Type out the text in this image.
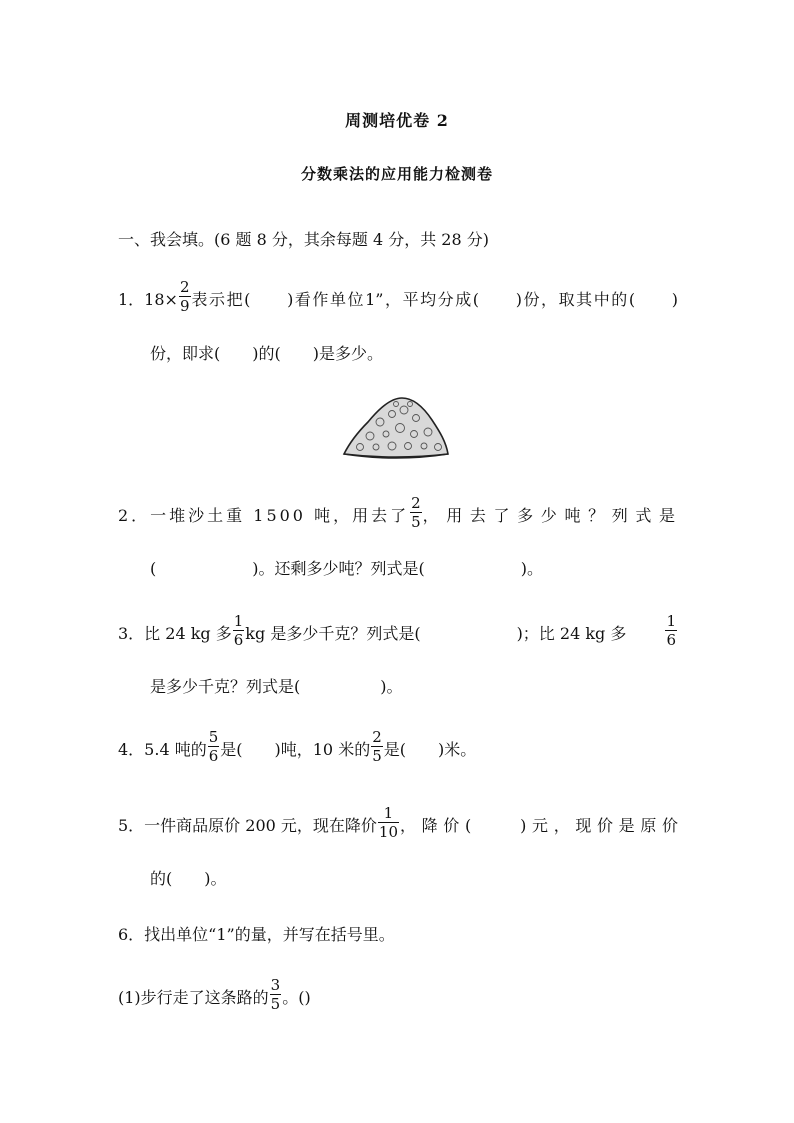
周测培优卷 2
分数乘法的应用能力检测卷
一、我会填。(6 题 8 分，其余每题 4 分，共 28 分)
1．$18\times \frac{2}{9}$ 表示把(　　)看作单位1”，平均分成(　　)份，取其中的(　　)
份，即求(　　)的(　　)是多少。
2．一堆沙土重 1500 吨，用去了 $\frac{2}{5}$ ，用去了多少吨？列式是
(　　　　　　)。还剩多少吨？列式是(　　　　　　)。
3．比 24 kg 多 $\frac{1}{6}$ kg 是多少千克？列式是(　　　　　　)；比 24 kg 多	$\frac{1}{6}$
是多少千克？列式是(　　　　　)。
4．5.4 吨的 $\frac{5}{6}$ 是(　　)吨，10 米的 $\frac{2}{5}$ 是(　　)米。
5．一件商品原价 200 元，现在降价 $\frac{1}{10}$ ，降价(　　)元，现价是原价
的(　　)。
6．找出单位“1”的量，并写在括号里。
(1)步行走了这条路的 $\frac{3}{5}$ 。()
